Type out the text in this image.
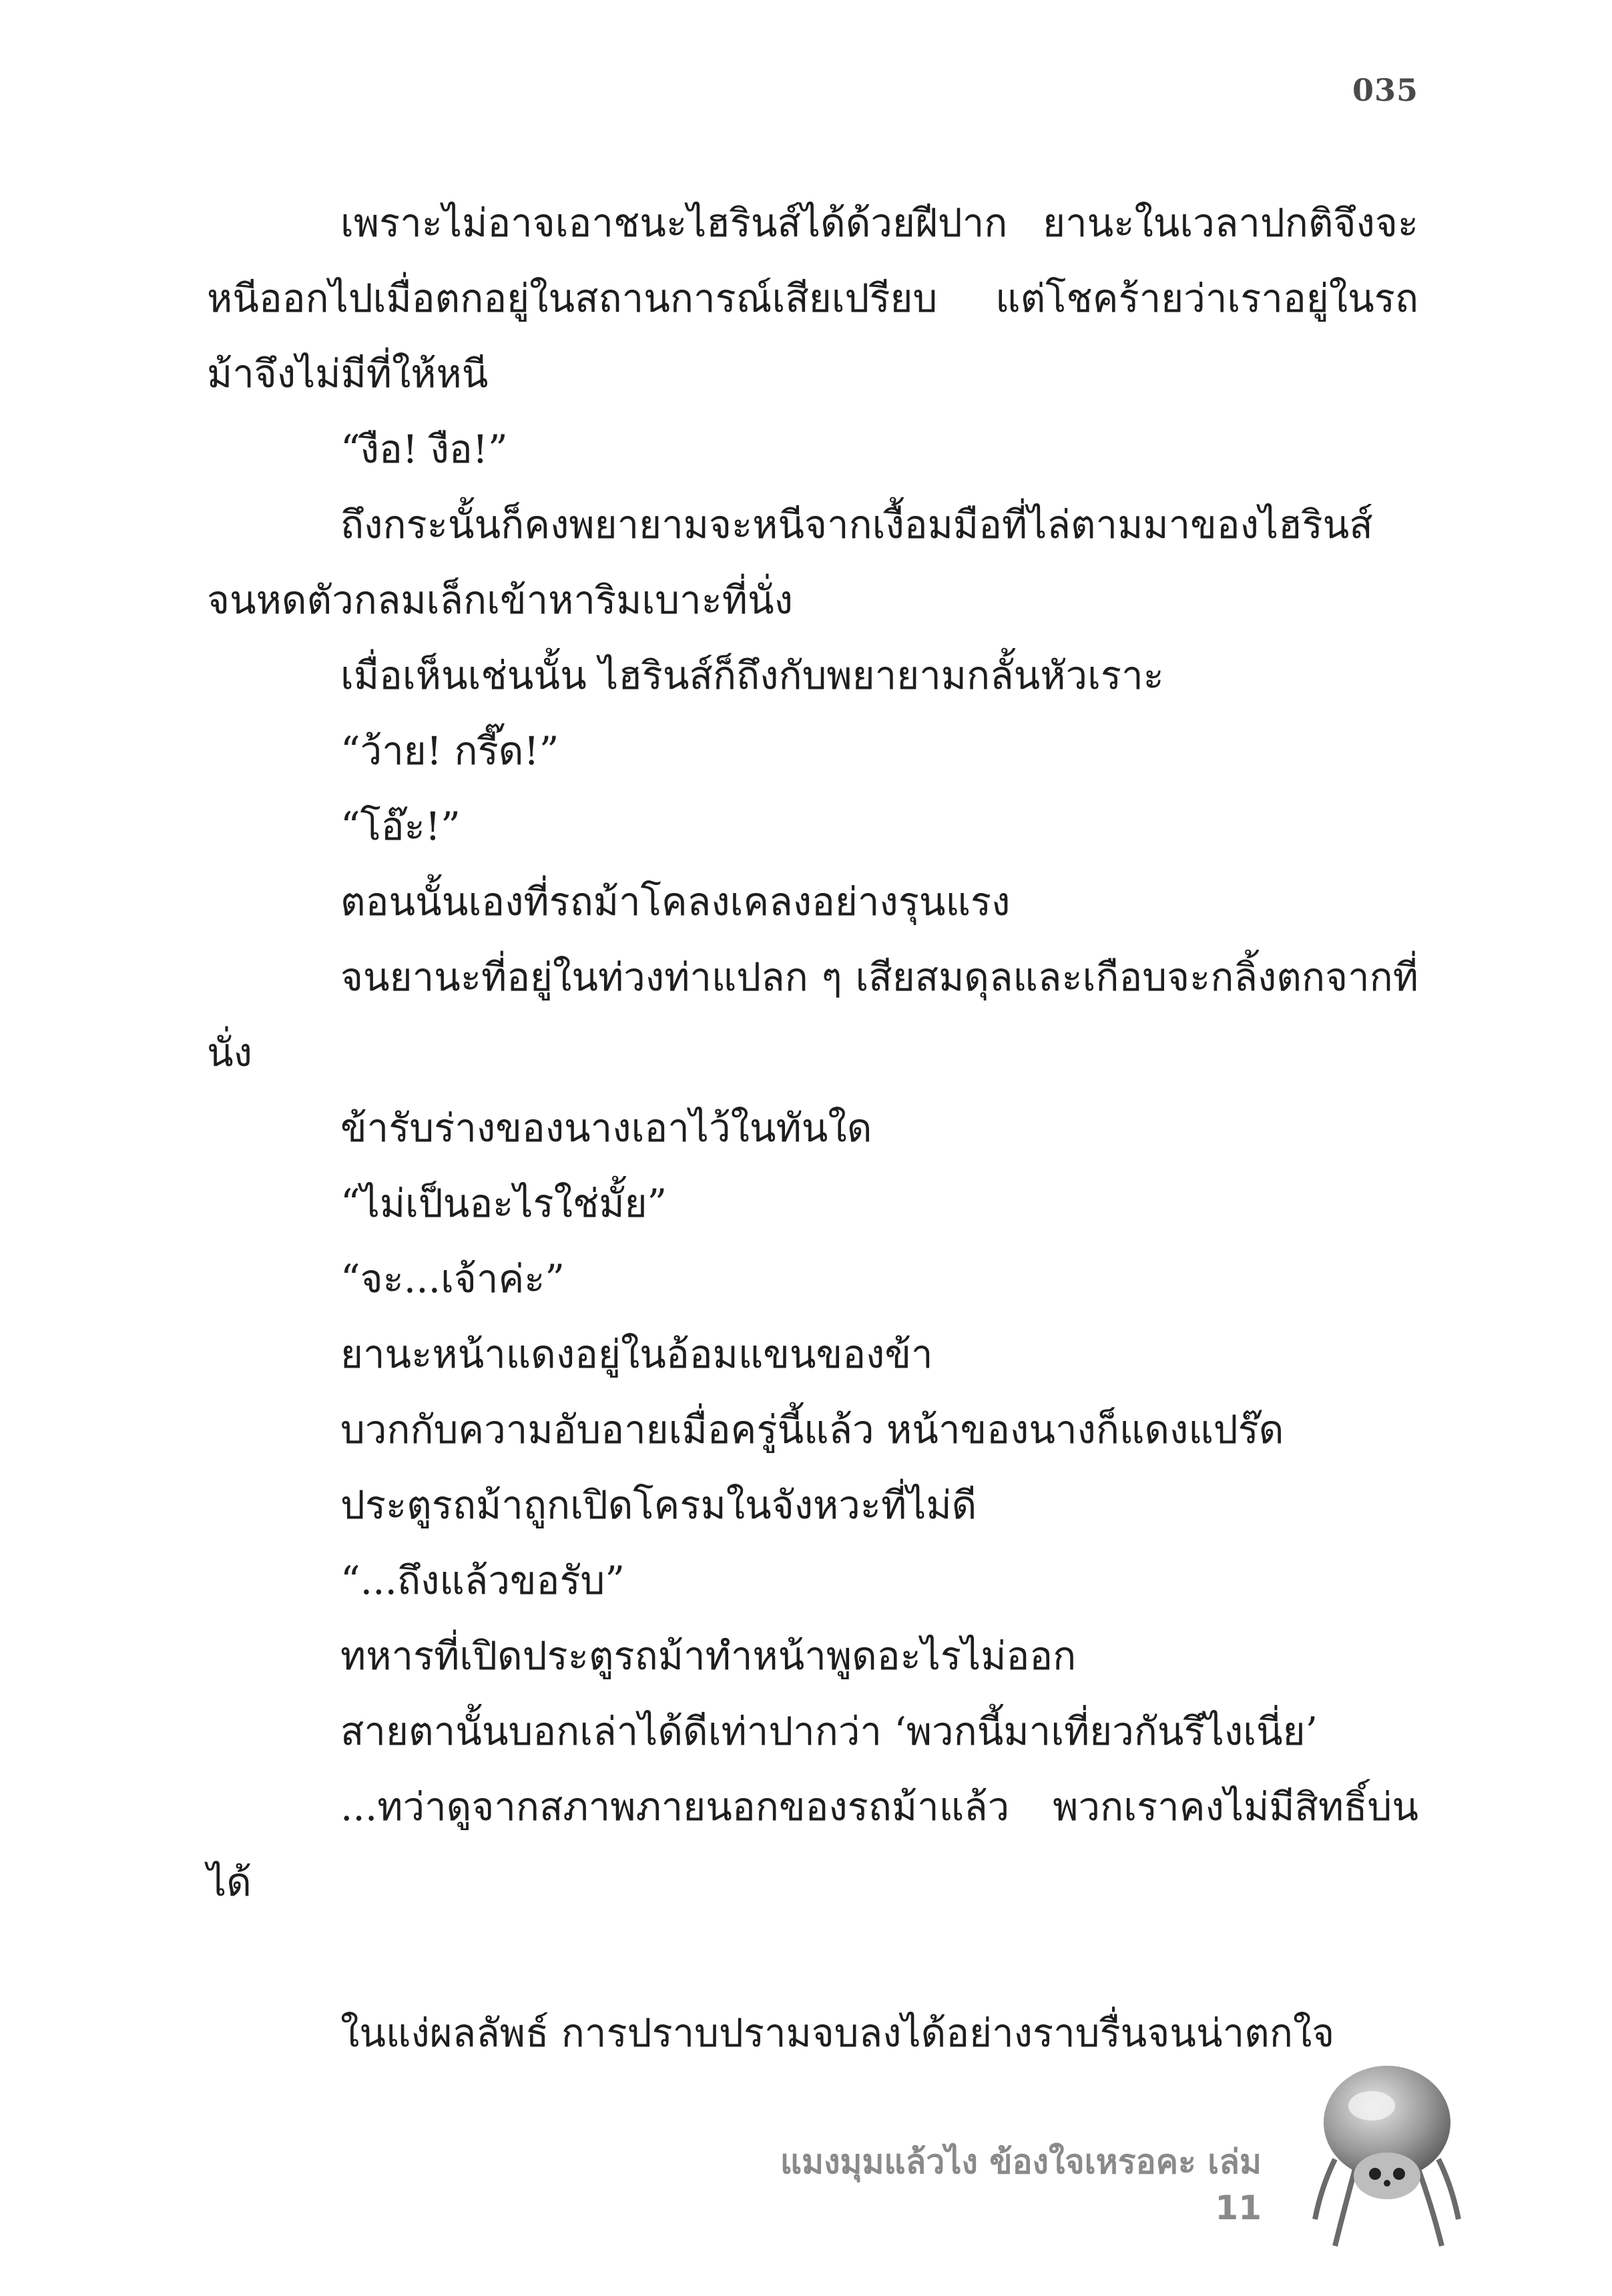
035

เพราะไม่อาจเอาชนะไฮรินส์ได้ด้วยฝีปาก ยานะในเวลาปกติจึงจะหนีออกไปเมื่อตกอยู่ในสถานการณ์เสียเปรียบ แต่โชคร้ายว่าเราอยู่ในรถม้าจึงไม่มีที่ให้หนี

“งือ! งือ!”

ถึงกระนั้นก็คงพยายามจะหนีจากเงื้อมมือที่ไล่ตามมาของไฮรินส์ จนหดตัวกลมเล็กเข้าหาริมเบาะที่นั่ง

เมื่อเห็นเช่นนั้น ไฮรินส์ก็ถึงกับพยายามกลั้นหัวเราะ

“ว้าย! กรี๊ด!”

“โอ๊ะ!”

ตอนนั้นเองที่รถม้าโคลงเคลงอย่างรุนแรง

จนยานะที่อยู่ในท่วงท่าแปลก ๆ เสียสมดุลและเกือบจะกลิ้งตกจากที่นั่ง

ข้ารับร่างของนางเอาไว้ในทันใด

“ไม่เป็นอะไรใช่มั้ย”

“จะ...เจ้าค่ะ”

ยานะหน้าแดงอยู่ในอ้อมแขนของข้า

บวกกับความอับอายเมื่อครู่นี้แล้ว หน้าของนางก็แดงแปร๊ด

ประตูรถม้าถูกเปิดโครมในจังหวะที่ไม่ดี

“...ถึงแล้วขอรับ”

ทหารที่เปิดประตูรถม้าทำหน้าพูดอะไรไม่ออก

สายตานั้นบอกเล่าได้ดีเท่าปากว่า ‘พวกนี้มาเที่ยวกันรึไงเนี่ย’

...ทว่าดูจากสภาพภายนอกของรถม้าแล้ว พวกเราคงไม่มีสิทธิ์บ่นได้

ในแง่ผลลัพธ์ การปราบปรามจบลงได้อย่างราบรื่นจนน่าตกใจ

แมงมุมแล้วไง ข้องใจเหรอคะ เล่ม 11
